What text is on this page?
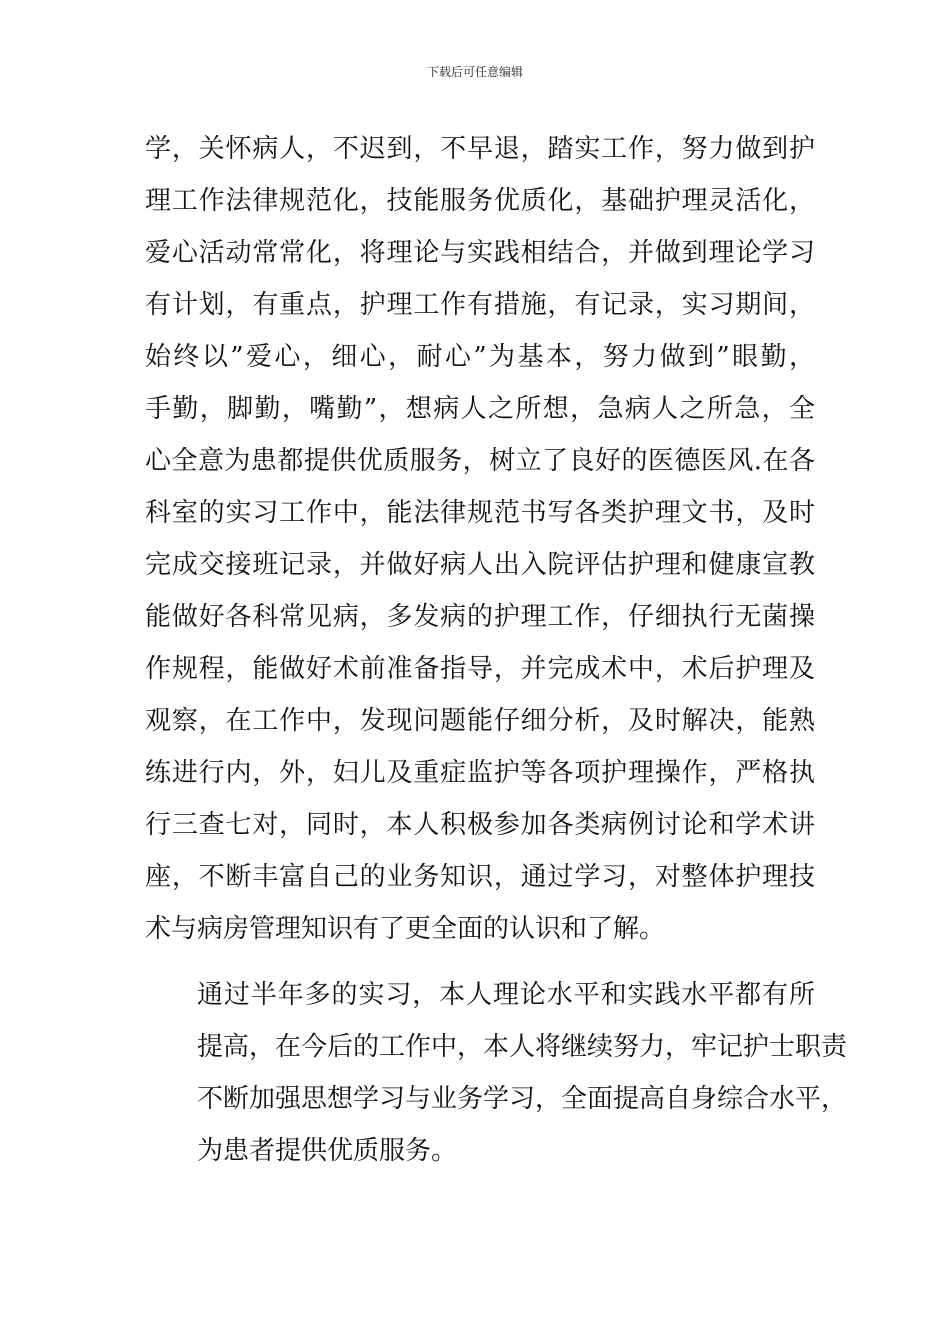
下载后可任意编辑
学，关怀病人，不迟到，不早退，踏实工作，努力做到护
理工作法律规范化，技能服务优质化，基础护理灵活化，
爱心活动常常化，将理论与实践相结合，并做到理论学习
有计划，有重点，护理工作有措施，有记录，实习期间，
始终以”爱心，细心，耐心”为基本，努力做到”眼勤，
手勤，脚勤，嘴勤”，想病人之所想，急病人之所急，全
心全意为患都提供优质服务，树立了良好的医德医风.在各
科室的实习工作中，能法律规范书写各类护理文书，及时
完成交接班记录，并做好病人出入院评估护理和健康宣教
能做好各科常见病，多发病的护理工作，仔细执行无菌操
作规程，能做好术前准备指导，并完成术中，术后护理及
观察，在工作中，发现问题能仔细分析，及时解决，能熟
练进行内，外，妇儿及重症监护等各项护理操作，严格执
行三查七对，同时，本人积极参加各类病例讨论和学术讲
座，不断丰富自己的业务知识，通过学习，对整体护理技
术与病房管理知识有了更全面的认识和了解。
通过半年多的实习，本人理论水平和实践水平都有所
提高，在今后的工作中，本人将继续努力，牢记护士职责
不断加强思想学习与业务学习，全面提高自身综合水平，
为患者提供优质服务。
